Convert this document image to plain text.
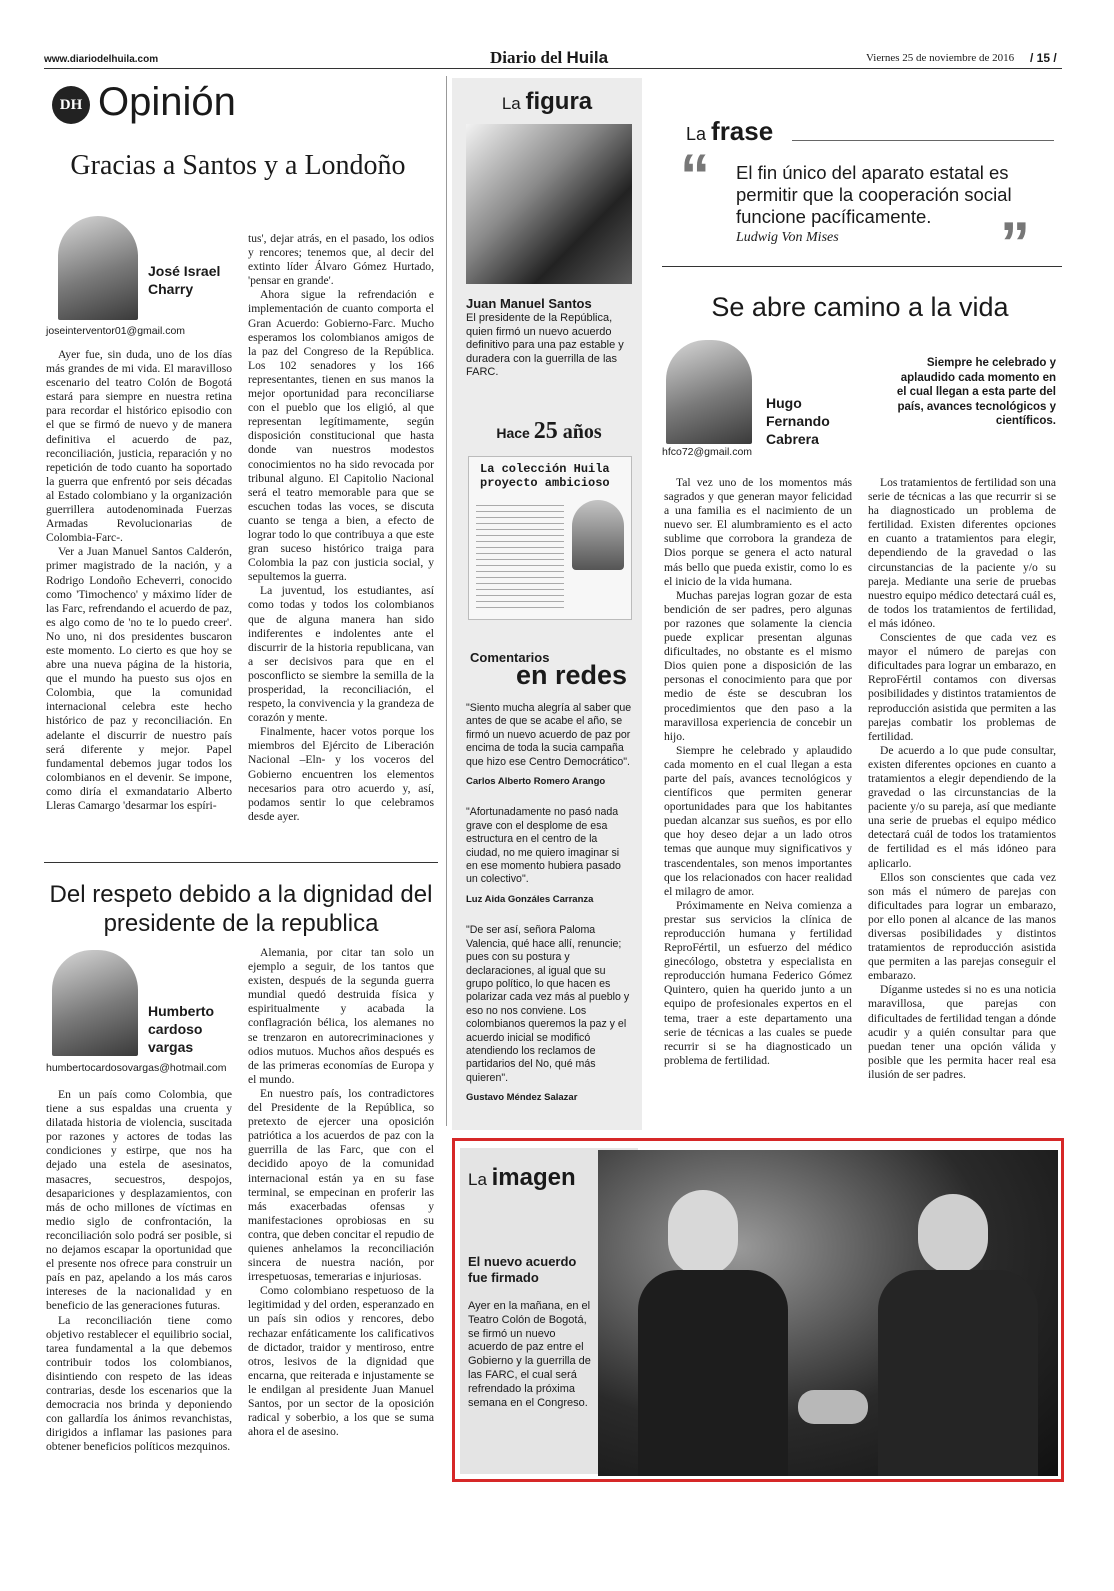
www.diariodelhuila.com	Diario del Huila	Viernes 25 de noviembre de 2016 / 15 /
DH Opinión
Gracias a Santos y a Londoño
José Israel Charry
joseinterventor01@gmail.com

Ayer fue, sin duda, uno de los días más grandes de mi vida. El maravilloso escenario del teatro Colón de Bogotá estará para siempre en nuestra retina para recordar el histórico episodio con el que se firmó de nuevo y de manera definitiva el acuerdo de paz, reconciliación, justicia, reparación y no repetición de todo cuanto ha soportado la guerra que enfrentó por seis décadas al Estado colombiano y la organización guerrillera autodenominada Fuerzas Armadas Revolucionarias de Colombia-Farc-.

Ver a Juan Manuel Santos Calderón, primer magistrado de la nación, y a Rodrigo Londoño Echeverri, conocido como 'Timochenco' y máximo líder de las Farc, refrendando el acuerdo de paz, es algo como de 'no te lo puedo creer'. No uno, ni dos presidentes buscaron este momento. Lo cierto es que hoy se abre una nueva página de la historia, que el mundo ha puesto sus ojos en Colombia, que la comunidad internacional celebra este hecho histórico de paz y reconciliación. En adelante el discurrir de nuestro país será diferente y mejor. Papel fundamental debemos jugar todos los colombianos en el devenir. Se impone, como diría el exmandatario Alberto Lleras Camargo 'desarmar los espíri-

tus', dejar atrás, en el pasado, los odios y rencores; tenemos que, al decir del extinto líder Álvaro Gómez Hurtado, 'pensar en grande'.

Ahora sigue la refrendación e implementación de cuanto comporta el Gran Acuerdo: Gobierno-Farc. Mucho esperamos los colombianos amigos de la paz del Congreso de la República. Los 102 senadores y los 166 representantes, tienen en sus manos la mejor oportunidad para reconciliarse con el pueblo que los eligió, al que representan legítimamente, según disposición constitucional que hasta donde van nuestros modestos conocimientos no ha sido revocada por tribunal alguno. El Capitolio Nacional será el teatro memorable para que se escuchen todas las voces, se discuta cuanto se tenga a bien, a efecto de lograr todo lo que contribuya a que este gran suceso histórico traiga para Colombia la paz con justicia social, y sepultemos la guerra.

La juventud, los estudiantes, así como todas y todos los colombianos que de alguna manera han sido indiferentes e indolentes ante el discurrir de la historia republicana, van a ser decisivos para que en el posconflicto se siembre la semilla de la prosperidad, la reconciliación, el respeto, la convivencia y la grandeza de corazón y mente.

Finalmente, hacer votos porque los miembros del Ejército de Liberación Nacional –Eln- y los voceros del Gobierno encuentren los elementos necesarios para otro acuerdo y, así, podamos sentir lo que celebramos desde ayer.

Del respeto debido a la dignidad del presidente de la republica
Humberto cardoso vargas
humbertocardosovargas@hotmail.com

En un país como Colombia, que tiene a sus espaldas una cruenta y dilatada historia de violencia, suscitada por razones y actores de todas las condiciones y estirpe, que nos ha dejado una estela de asesinatos, masacres, secuestros, despojos, desapariciones y desplazamientos, con más de ocho millones de víctimas en medio siglo de confrontación, la reconciliación solo podrá ser posible, si no dejamos escapar la oportunidad que el presente nos ofrece para construir un país en paz, apelando a los más caros intereses de la nacionalidad y en beneficio de las generaciones futuras.

La reconciliación tiene como objetivo restablecer el equilibrio social, tarea fundamental a la que debemos contribuir todos los colombianos, disintiendo con respeto de las ideas contrarias, desde los escenarios que la democracia nos brinda y deponiendo con gallardía los ánimos revanchistas, dirigidos a inflamar las pasiones para obtener beneficios políticos mezquinos.

Alemania, por citar tan solo un ejemplo a seguir, de los tantos que existen, después de la segunda guerra mundial quedó destruida física y espiritualmente y acabada la conflagración bélica, los alemanes no se trenzaron en autorecriminaciones y odios mutuos. Muchos años después es de las primeras economías de Europa y el mundo.

En nuestro país, los contradictores del Presidente de la República, so pretexto de ejercer una oposición patriótica a los acuerdos de paz con la guerrilla de las Farc, que con el decidido apoyo de la comunidad internacional están ya en su fase terminal, se empecinan en proferir las más exacerbadas ofensas y manifestaciones oprobiosas en su contra, que deben concitar el repudio de quienes anhelamos la reconciliación sincera de nuestra nación, por irrespetuosas, temerarias e injuriosas.

Como colombiano respetuoso de la legitimidad y del orden, esperanzado en un país sin odios y rencores, debo rechazar enfáticamente los calificativos de dictador, traidor y mentiroso, entre otros, lesivos de la dignidad que encarna, que reiterada e injustamente se le endilgan al presidente Juan Manuel Santos, por un sector de la oposición radical y soberbio, a los que se suma ahora el de asesino.

La figura
Juan Manuel Santos
El presidente de la República, quien firmó un nuevo acuerdo definitivo para una paz estable y duradera con la guerrilla de las FARC.
Hace 25 años
La colección Huila proyecto ambicioso
Comentarios
en redes
"Siento mucha alegría al saber que antes de que se acabe el año, se firmó un nuevo acuerdo de paz por encima de toda la sucia campaña que hizo ese Centro Democrático".
Carlos Alberto Romero Arango
"Afortunadamente no pasó nada grave con el desplome de esa estructura en el centro de la ciudad, no me quiero imaginar si en ese momento hubiera pasado un colectivo".
Luz Aida Gonzáles Carranza
"De ser así, señora Paloma Valencia, qué hace allí, renuncie; pues con su postura y declaraciones, al igual que su grupo político, lo que hacen es polarizar cada vez más al pueblo y eso no nos conviene. Los colombianos queremos la paz y el acuerdo inicial se modificó atendiendo los reclamos de partidarios del No, qué más quieren".
Gustavo Méndez Salazar
La frase
“ El fin único del aparato estatal es permitir que la cooperación social funcione pacíficamente.
Ludwig Von Mises	”
Se abre camino a la vida
Hugo Fernando Cabrera
hfco72@gmail.com
Siempre he celebrado y aplaudido cada momento en el cual llegan a esta parte del país, avances tecnológicos y científicos.

Tal vez uno de los momentos más sagrados y que generan mayor felicidad a una familia es el nacimiento de un nuevo ser. El alumbramiento es el acto sublime que corrobora la grandeza de Dios porque se genera el acto natural más bello que pueda existir, como lo es el inicio de la vida humana.

Muchas parejas logran gozar de esta bendición de ser padres, pero algunas por razones que solamente la ciencia puede explicar presentan algunas dificultades, no obstante es el mismo Dios quien pone a disposición de las personas el conocimiento para que por medio de éste se descubran los procedimientos que den paso a la maravillosa experiencia de concebir un hijo.

Siempre he celebrado y aplaudido cada momento en el cual llegan a esta parte del país, avances tecnológicos y científicos que permiten generar oportunidades para que los habitantes puedan alcanzar sus sueños, es por ello que hoy deseo dejar a un lado otros temas que aunque muy significativos y trascendentales, son menos importantes que los relacionados con hacer realidad el milagro de amor.

Próximamente en Neiva comienza a prestar sus servicios la clínica de reproducción humana y fertilidad ReproFértil, un esfuerzo del médico ginecólogo, obstetra y especialista en reproducción humana Federico Gómez Quintero, quien ha querido junto a un equipo de profesionales expertos en el tema, traer a este departamento una serie de técnicas a las cuales se puede recurrir si se ha diagnosticado un problema de fertilidad.

Los tratamientos de fertilidad son una serie de técnicas a las que recurrir si se ha diagnosticado un problema de fertilidad. Existen diferentes opciones en cuanto a tratamientos para elegir, dependiendo de la gravedad o las circunstancias de la paciente y/o su pareja. Mediante una serie de pruebas nuestro equipo médico detectará cuál es, de todos los tratamientos de fertilidad, el más idóneo.

Conscientes de que cada vez es mayor el número de parejas con dificultades para lograr un embarazo, en ReproFértil contamos con diversas posibilidades y distintos tratamientos de reproducción asistida que permiten a las parejas combatir los problemas de fertilidad.

De acuerdo a lo que pude consultar, existen diferentes opciones en cuanto a tratamientos a elegir dependiendo de la gravedad o las circunstancias de la paciente y/o su pareja, así que mediante una serie de pruebas el equipo médico detectará cuál de todos los tratamientos de fertilidad es el más idóneo para aplicarlo.

Ellos son conscientes que cada vez son más el número de parejas con dificultades para lograr un embarazo, por ello ponen al alcance de las manos diversas posibilidades y distintos tratamientos de reproducción asistida que permiten a las parejas conseguir el embarazo.

Díganme ustedes si no es una noticia maravillosa, que parejas con dificultades de fertilidad tengan a dónde acudir y a quién consultar para que puedan tener una opción válida y posible que les permita hacer real esa ilusión de ser padres.

La imagen
El nuevo acuerdo fue firmado
Ayer en la mañana, en el Teatro Colón de Bogotá, se firmó un nuevo acuerdo de paz entre el Gobierno y la guerrilla de las FARC, el cual será refrendado la próxima semana en el Congreso.
